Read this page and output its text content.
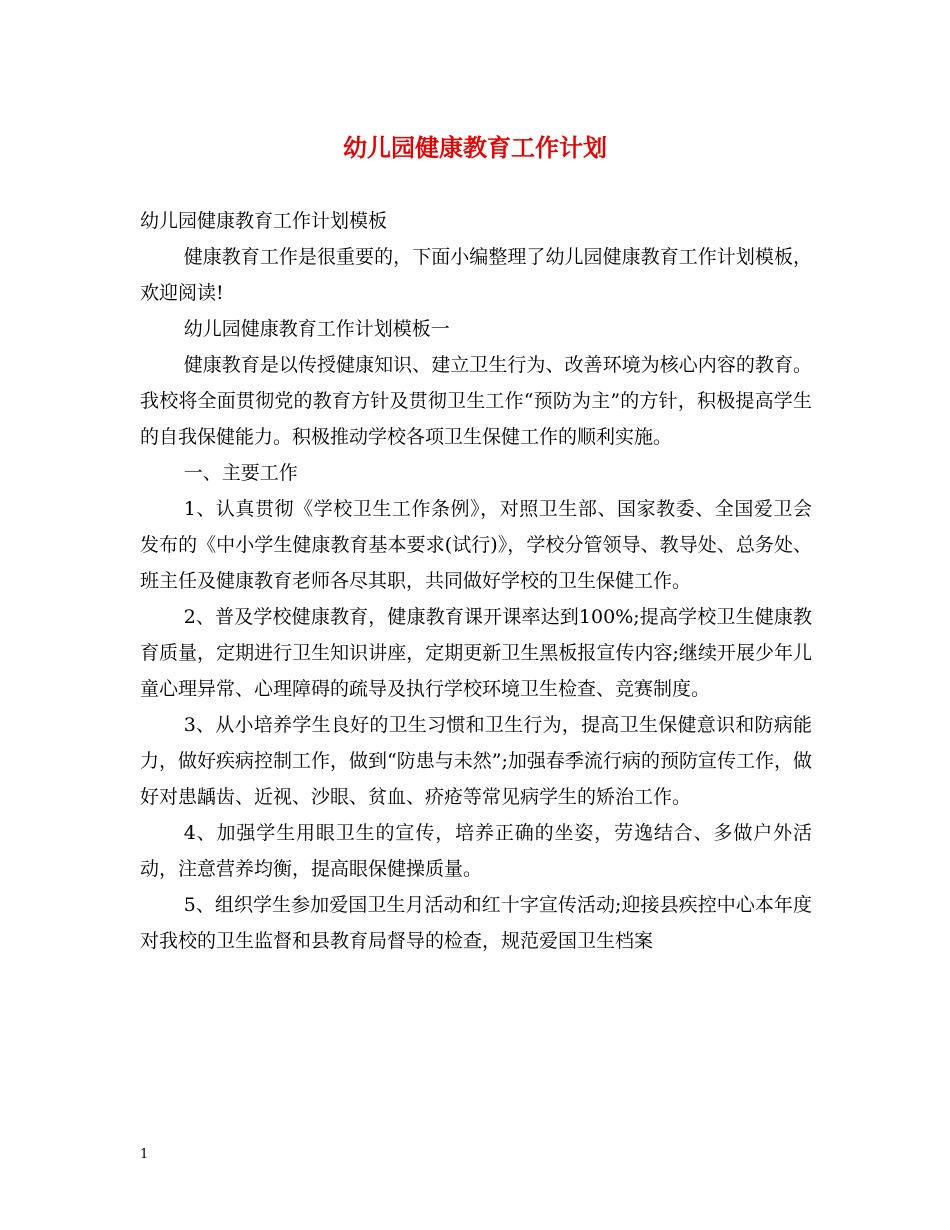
幼儿园健康教育工作计划

幼儿园健康教育工作计划模板

健康教育工作是很重要的，下面小编整理了幼儿园健康教育工作计划模板，欢迎阅读!

幼儿园健康教育工作计划模板一

健康教育是以传授健康知识、建立卫生行为、改善环境为核心内容的教育。我校将全面贯彻党的教育方针及贯彻卫生工作“预防为主”的方针，积极提高学生的自我保健能力。积极推动学校各项卫生保健工作的顺利实施。

一、主要工作

1、认真贯彻《学校卫生工作条例》，对照卫生部、国家教委、全国爱卫会发布的《中小学生健康教育基本要求(试行)》，学校分管领导、教导处、总务处、班主任及健康教育老师各尽其职，共同做好学校的卫生保健工作。

2、普及学校健康教育，健康教育课开课率达到100%;提高学校卫生健康教育质量，定期进行卫生知识讲座，定期更新卫生黑板报宣传内容;继续开展少年儿童心理异常、心理障碍的疏导及执行学校环境卫生检查、竞赛制度。

3、从小培养学生良好的卫生习惯和卫生行为，提高卫生保健意识和防病能力，做好疾病控制工作，做到“防患与未然”;加强春季流行病的预防宣传工作，做好对患龋齿、近视、沙眼、贫血、疥疮等常见病学生的矫治工作。

4、加强学生用眼卫生的宣传，培养正确的坐姿，劳逸结合、多做户外活动，注意营养均衡，提高眼保健操质量。

5、组织学生参加爱国卫生月活动和红十字宣传活动;迎接县疾控中心本年度对我校的卫生监督和县教育局督导的检查，规范爱国卫生档案

1
